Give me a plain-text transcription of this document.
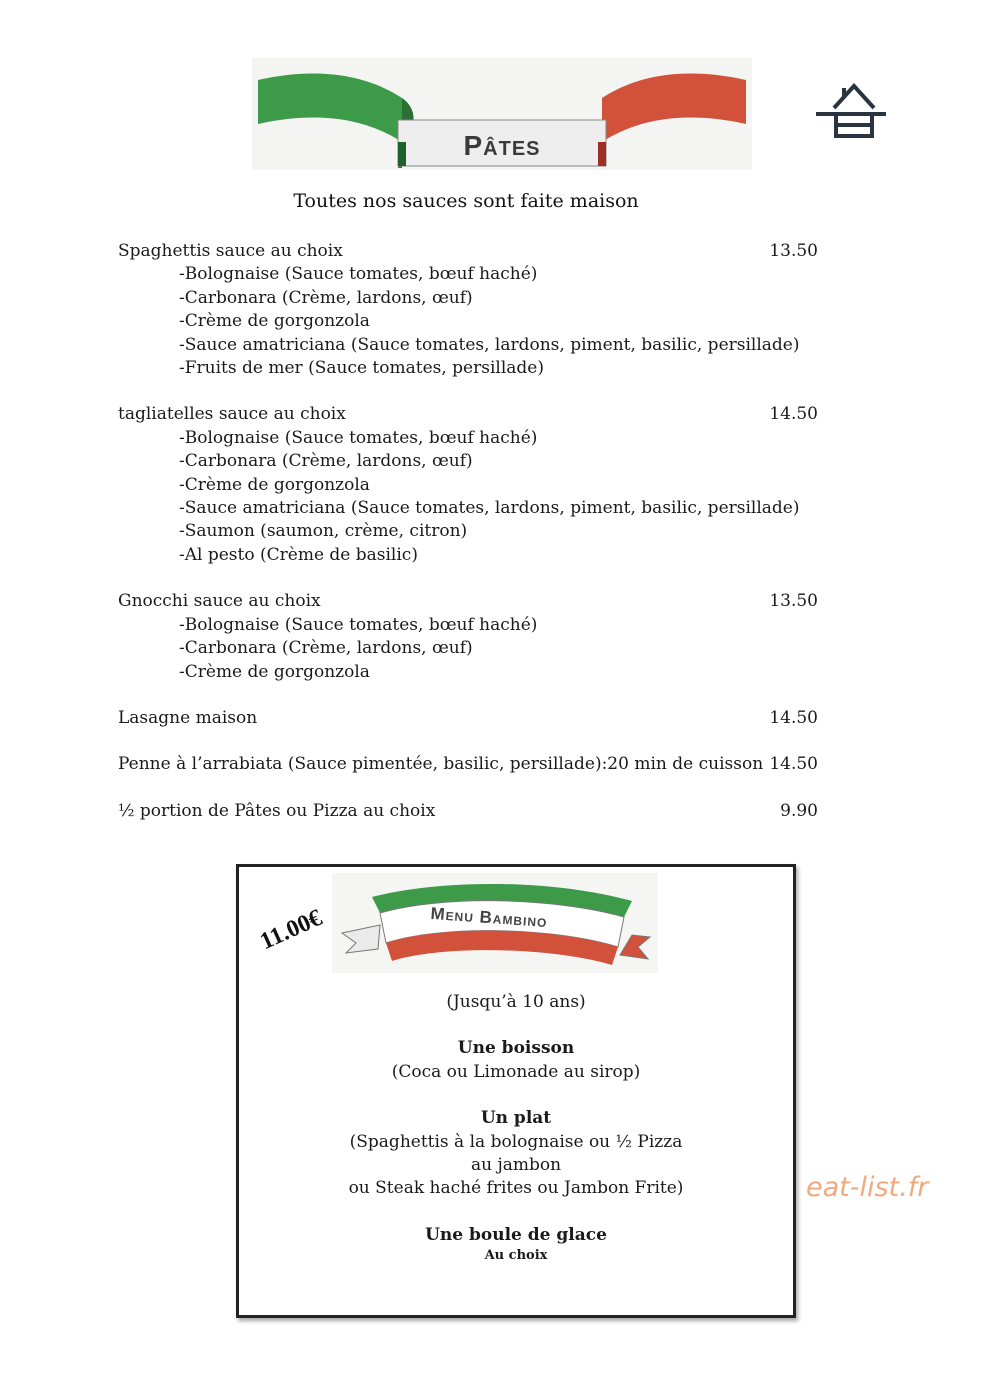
Pâtes
Toutes nos sauces sont faite maison
Spaghettis sauce au choix	13.50
-Bolognaise (Sauce tomates, bœuf haché)
-Carbonara (Crème, lardons, œuf)
-Crème de gorgonzola
-Sauce amatriciana (Sauce tomates, lardons, piment, basilic, persillade)
-Fruits de mer (Sauce tomates, persillade)
tagliatelles sauce au choix	14.50
-Bolognaise (Sauce tomates, bœuf haché)
-Carbonara (Crème, lardons, œuf)
-Crème de gorgonzola
-Sauce amatriciana (Sauce tomates, lardons, piment, basilic, persillade)
-Saumon (saumon, crème, citron)
-Al pesto (Crème de basilic)
Gnocchi sauce au choix	13.50
-Bolognaise (Sauce tomates, bœuf haché)
-Carbonara (Crème, lardons, œuf)
-Crème de gorgonzola
Lasagne maison	14.50
Penne à l’arrabiata (Sauce pimentée, basilic, persillade):20 min de cuisson 14.50
½ portion de Pâtes ou Pizza au choix	9.90
Menu Bambino
11.00€
(Jusqu’à 10 ans)
Une boisson
(Coca ou Limonade au sirop)
Un plat
(Spaghettis à la bolognaise ou ½ Pizza
au jambon
ou Steak haché frites ou Jambon Frite)
Une boule de glace
Au choix
eat-list.fr
